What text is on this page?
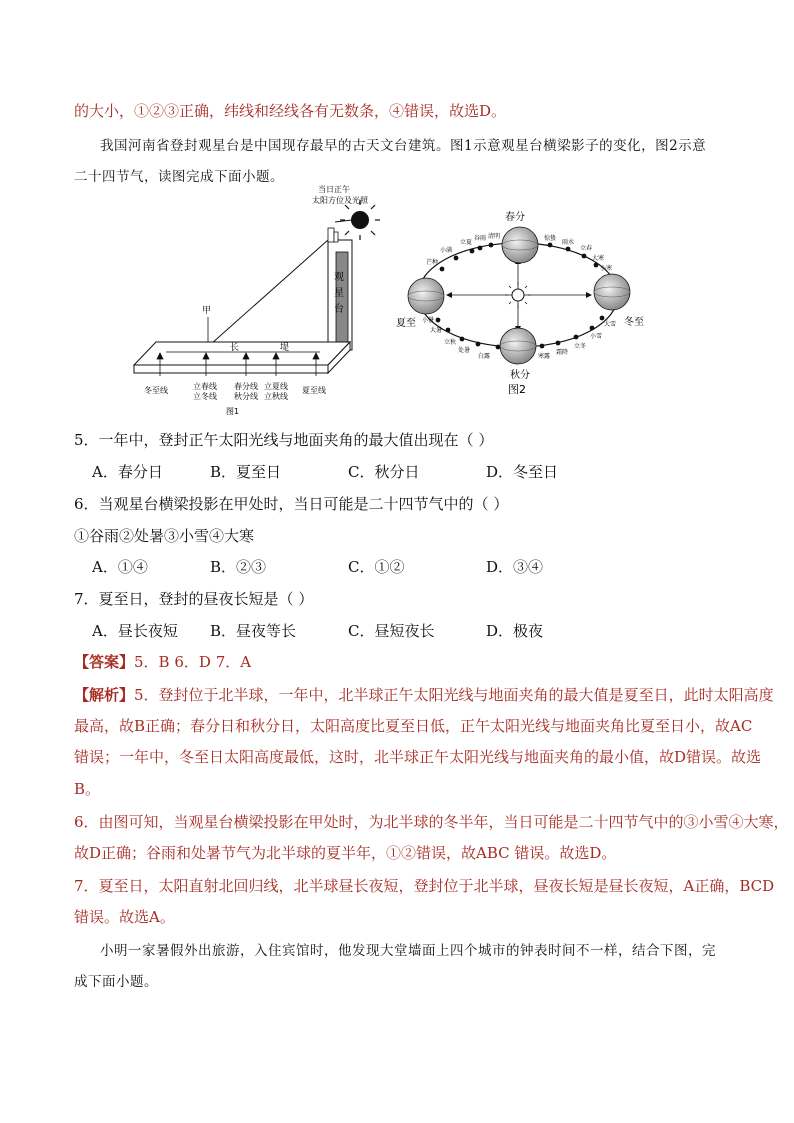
的大小，①②③正确，纬线和经线各有无数条，④错误，故选D。
我国河南省登封观星台是中国现存最早的古天文台建筑。图1示意观星台横梁影子的变化，图2示意
二十四节气，读图完成下面小题。
当日正午
太阳方位及光照
观
星
台
甲
长	堤
冬至线	立春线
立冬线
春分线
秋分线
立夏线
立秋线
夏至线
图1
春分
夏至	冬至
秋分
图2
立夏
谷雨 清明	惊蛰
雨水
立春
大寒
小寒
小满
芒种
小暑
大暑
立秋
处暑
白露	寒露
霜降
立冬
小雪
大雪
5．一年中，登封正午太阳光线与地面夹角的最大值出现在（ ）
A．春分日	B．夏至日	C．秋分日	D．冬至日
6．当观星台横梁投影在甲处时，当日可能是二十四节气中的（ ）
①谷雨②处暑③小雪④大寒
A．①④	B．②③	C．①②	D．③④
7．夏至日，登封的昼夜长短是（ ）
A．昼长夜短 B．昼夜等长	C．昼短夜长	D．极夜
【答案】5．B 6．D 7．A
【解析】5．登封位于北半球，一年中，北半球正午太阳光线与地面夹角的最大值是夏至日，此时太阳高度
最高，故B正确；春分日和秋分日，太阳高度比夏至日低，正午太阳光线与地面夹角比夏至日小，故AC
错误；一年中，冬至日太阳高度最低，这时，北半球正午太阳光线与地面夹角的最小值，故D错误。故选
B。
6．由图可知，当观星台横梁投影在甲处时，为北半球的冬半年，当日可能是二十四节气中的③小雪④大寒，
故D正确；谷雨和处暑节气为北半球的夏半年，①②错误，故ABC 错误。故选D。
7．夏至日，太阳直射北回归线，北半球昼长夜短，登封位于北半球，昼夜长短是昼长夜短，A正确，BCD
错误。故选A。
小明一家暑假外出旅游，入住宾馆时，他发现大堂墙面上四个城市的钟表时间不一样，结合下图，完
成下面小题。
